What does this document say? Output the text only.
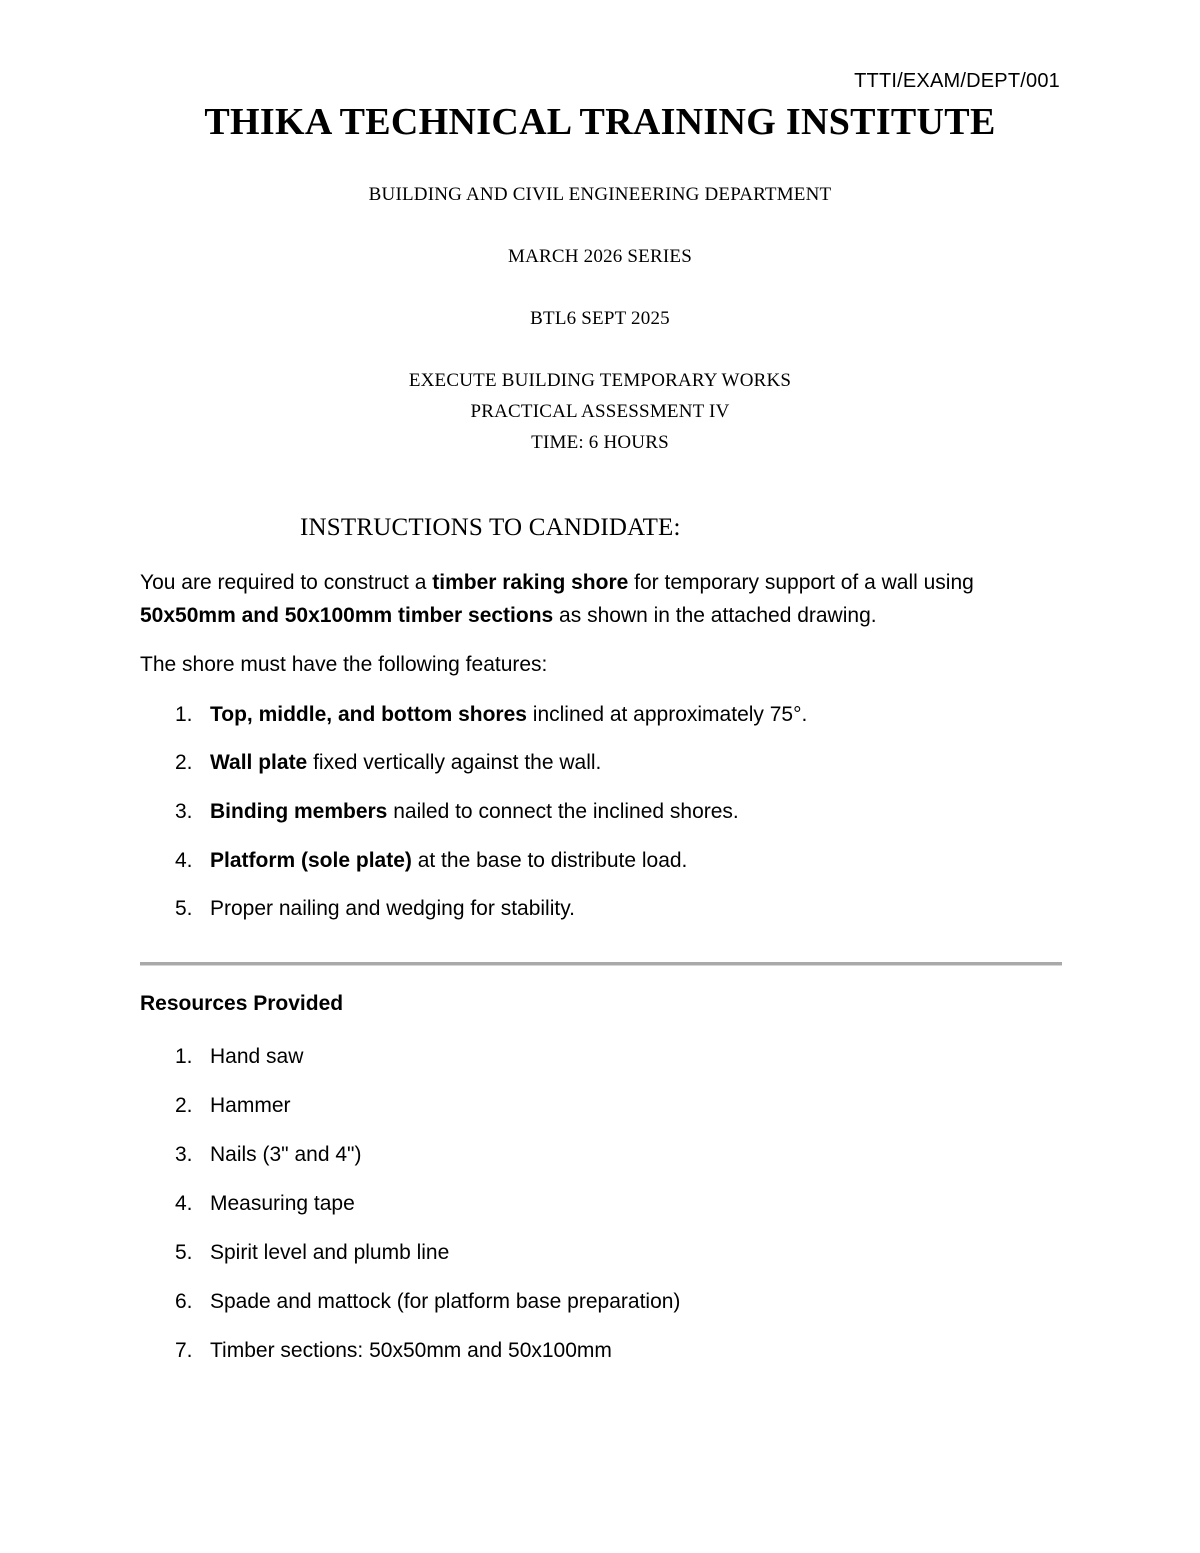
TTTI/EXAM/DEPT/001
THIKA TECHNICAL TRAINING INSTITUTE
BUILDING AND CIVIL ENGINEERING DEPARTMENT
MARCH 2026 SERIES
BTL6 SEPT 2025
EXECUTE BUILDING TEMPORARY WORKS
PRACTICAL ASSESSMENT IV
TIME: 6 HOURS
INSTRUCTIONS TO CANDIDATE:
You are required to construct a timber raking shore for temporary support of a wall using 50x50mm and 50x100mm timber sections as shown in the attached drawing.
The shore must have the following features:
1. Top, middle, and bottom shores inclined at approximately 75°.
2. Wall plate fixed vertically against the wall.
3. Binding members nailed to connect the inclined shores.
4. Platform (sole plate) at the base to distribute load.
5. Proper nailing and wedging for stability.
Resources Provided
1. Hand saw
2. Hammer
3. Nails (3" and 4")
4. Measuring tape
5. Spirit level and plumb line
6. Spade and mattock (for platform base preparation)
7. Timber sections: 50x50mm and 50x100mm
